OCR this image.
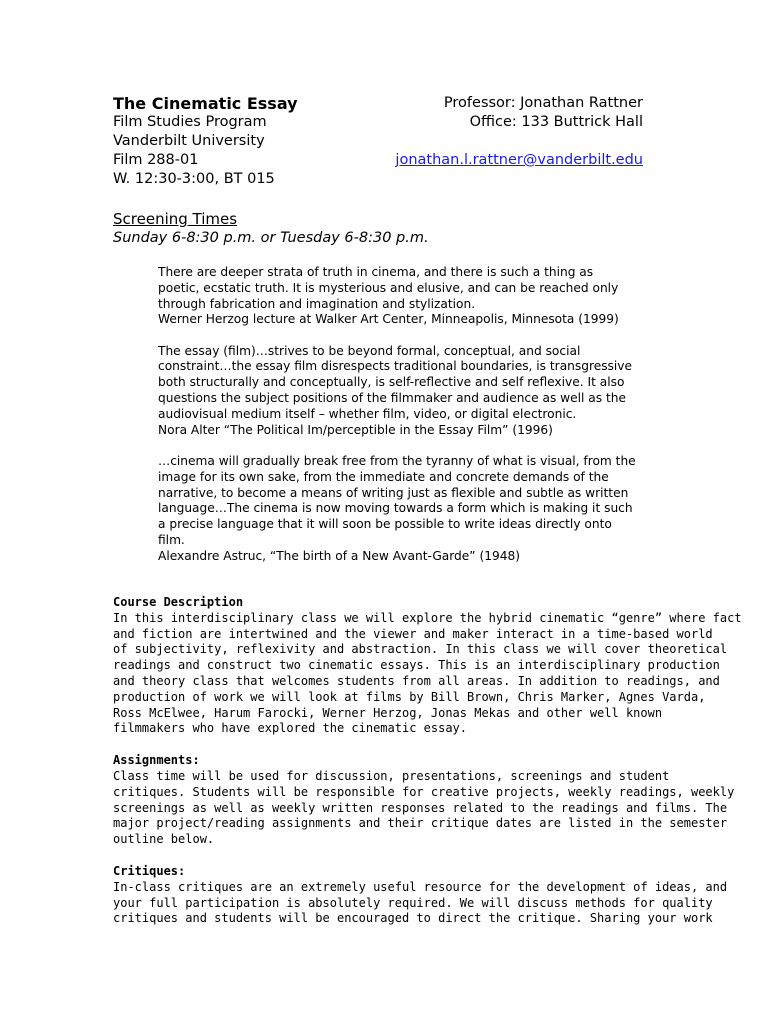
The Cinematic Essay	Professor: Jonathan Rattner
Film Studies Program	Office: 133 Buttrick Hall
Vanderbilt University
Film 288-01	jonathan.l.rattner@vanderbilt.edu
W. 12:30-3:00, BT 015
Screening Times
Sunday 6-8:30 p.m. or Tuesday 6-8:30 p.m.
There are deeper strata of truth in cinema, and there is such a thing as
poetic, ecstatic truth. It is mysterious and elusive, and can be reached only
through fabrication and imagination and stylization.
Werner Herzog lecture at Walker Art Center, Minneapolis, Minnesota (1999)
The essay (film)…strives to be beyond formal, conceptual, and social
constraint…the essay film disrespects traditional boundaries, is transgressive
both structurally and conceptually, is self-reflective and self reflexive. It also
questions the subject positions of the filmmaker and audience as well as the
audiovisual medium itself – whether film, video, or digital electronic.
Nora Alter “The Political Im/perceptible in the Essay Film” (1996)
…cinema will gradually break free from the tyranny of what is visual, from the
image for its own sake, from the immediate and concrete demands of the
narrative, to become a means of writing just as flexible and subtle as written
language…The cinema is now moving towards a form which is making it such
a precise language that it will soon be possible to write ideas directly onto
film.
Alexandre Astruc, “The birth of a New Avant-Garde” (1948)
Course Description
In this interdisciplinary class we will explore the hybrid cinematic “genre” where fact
and fiction are intertwined and the viewer and maker interact in a time-based world
of subjectivity, reflexivity and abstraction. In this class we will cover theoretical
readings and construct two cinematic essays. This is an interdisciplinary production
and theory class that welcomes students from all areas. In addition to readings, and
production of work we will look at films by Bill Brown, Chris Marker, Agnes Varda,
Ross McElwee, Harum Farocki, Werner Herzog, Jonas Mekas and other well known
filmmakers who have explored the cinematic essay.
Assignments:
Class time will be used for discussion, presentations, screenings and student
critiques. Students will be responsible for creative projects, weekly readings, weekly
screenings as well as weekly written responses related to the readings and films. The
major project/reading assignments and their critique dates are listed in the semester
outline below.
Critiques:
In-class critiques are an extremely useful resource for the development of ideas, and
your full participation is absolutely required. We will discuss methods for quality
critiques and students will be encouraged to direct the critique. Sharing your work
